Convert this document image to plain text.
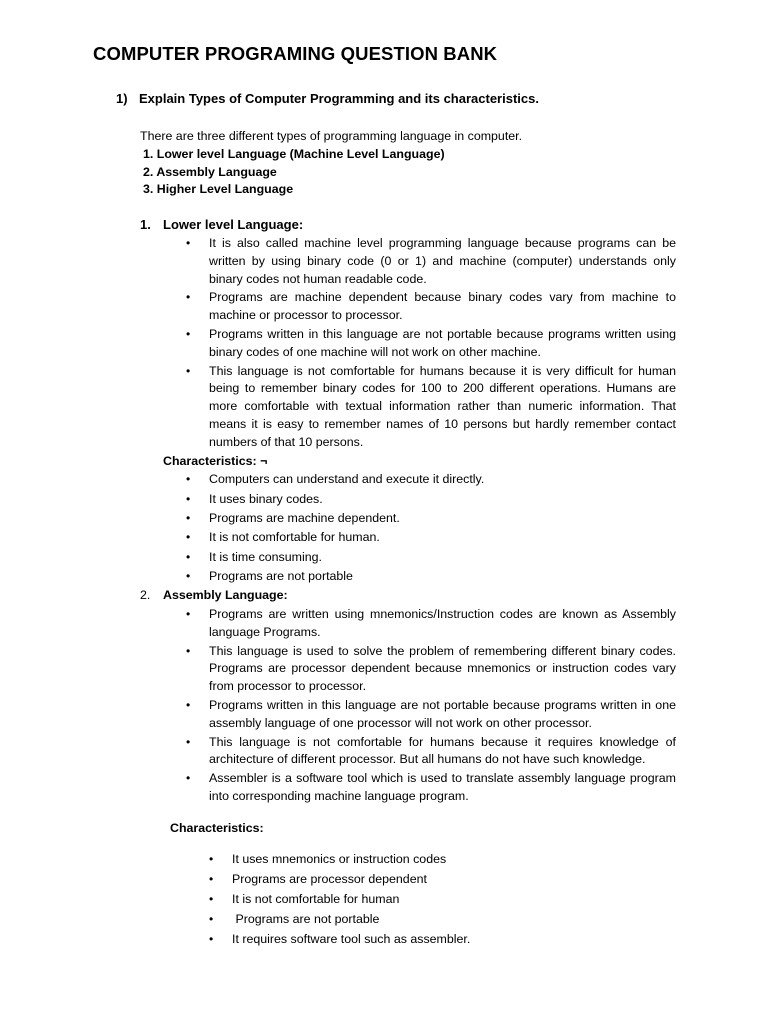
COMPUTER PROGRAMING QUESTION BANK
1) Explain Types of Computer Programming and its characteristics.

There are three different types of programming language in computer.

1. Lower level Language (Machine Level Language)
2. Assembly Language
3. Higher Level Language
1. Lower level Language:
• It is also called machine level programming language because programs can be written by using binary code (0 or 1) and machine (computer) understands only binary codes not human readable code.
• Programs are machine dependent because binary codes vary from machine to machine or processor to processor.
• Programs written in this language are not portable because programs written using binary codes of one machine will not work on other machine.
• This language is not comfortable for humans because it is very difficult for human being to remember binary codes for 100 to 200 different operations. Humans are more comfortable with textual information rather than numeric information. That means it is easy to remember names of 10 persons but hardly remember contact numbers of that 10 persons.
Characteristics: ¬
• Computers can understand and execute it directly.
• It uses binary codes.
• Programs are machine dependent.
• It is not comfortable for human.
• It is time consuming.
• Programs are not portable
2.	Assembly Language:
• Programs are written using mnemonics/Instruction codes are known as Assembly language Programs.
• This language is used to solve the problem of remembering different binary codes. Programs are processor dependent because mnemonics or instruction codes vary from processor to processor.
• Programs written in this language are not portable because programs written in one assembly language of one processor will not work on other processor.
• This language is not comfortable for humans because it requires knowledge of architecture of different processor. But all humans do not have such knowledge.
• Assembler is a software tool which is used to translate assembly language program into corresponding machine language program.
Characteristics:
• It uses mnemonics or instruction codes
• Programs are processor dependent
• It is not comfortable for human
• Programs are not portable
• It requires software tool such as assembler.
